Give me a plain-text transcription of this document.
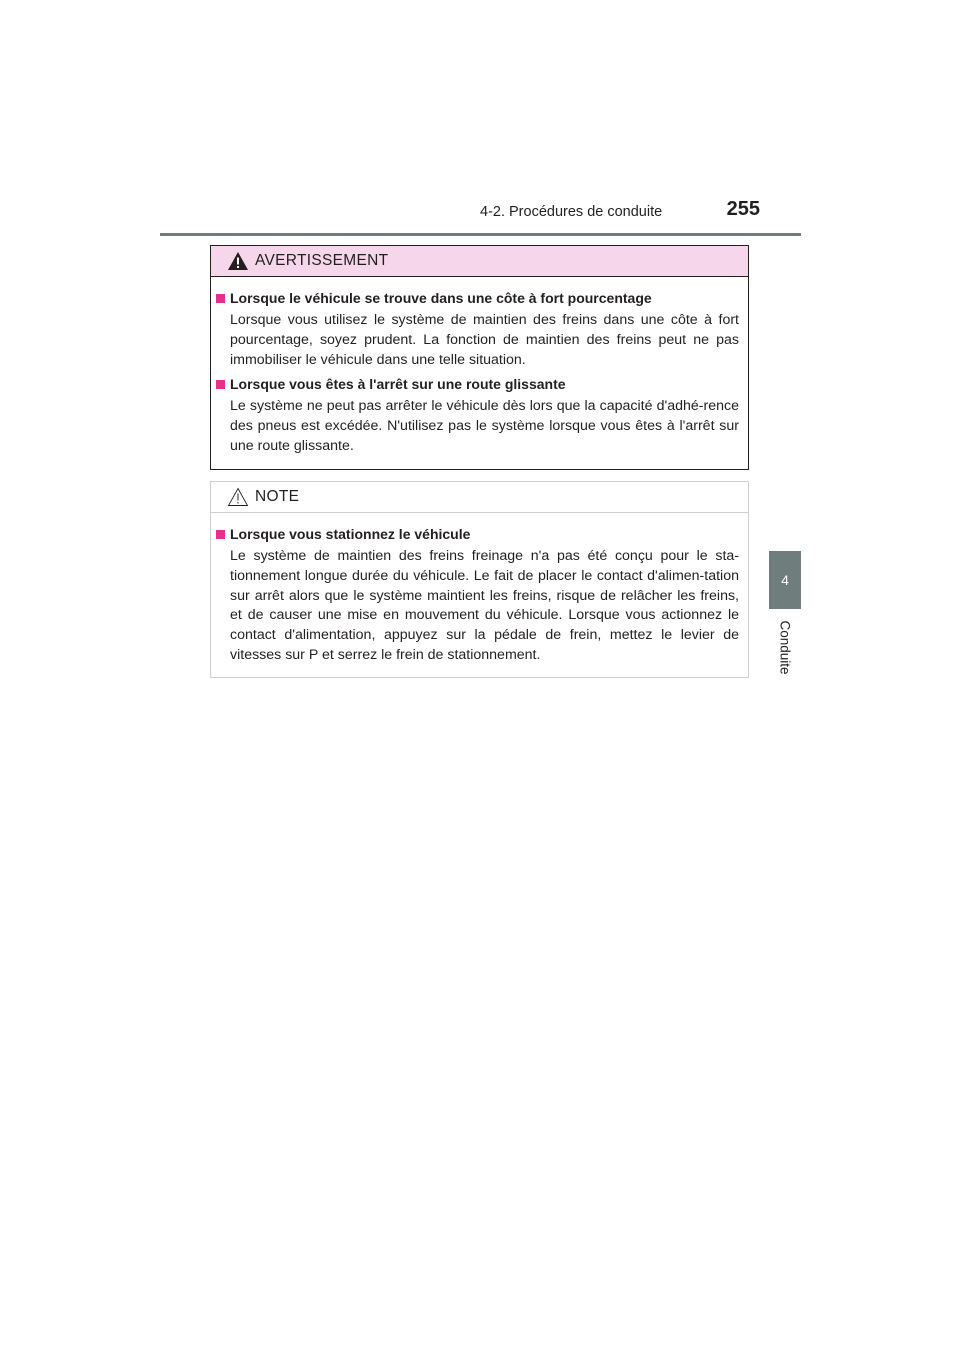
4-2. Procédures de conduite	255
4
Conduite
AVERTISSEMENT
Lorsque le véhicule se trouve dans une côte à fort pourcentage

Lorsque vous utilisez le système de maintien des freins dans une côte à fort pourcentage, soyez prudent. La fonction de maintien des freins peut ne pas immobiliser le véhicule dans une telle situation.

Lorsque vous êtes à l'arrêt sur une route glissante

Le système ne peut pas arrêter le véhicule dès lors que la capacité d'adhé-rence des pneus est excédée. N'utilisez pas le système lorsque vous êtes à l'arrêt sur une route glissante.

NOTE
Lorsque vous stationnez le véhicule

Le système de maintien des freins freinage n'a pas été conçu pour le sta-tionnement longue durée du véhicule. Le fait de placer le contact d'alimen-tation sur arrêt alors que le système maintient les freins, risque de relâcher les freins, et de causer une mise en mouvement du véhicule. Lorsque vous actionnez le contact d'alimentation, appuyez sur la pédale de frein, mettez le levier de vitesses sur P et serrez le frein de stationnement.
